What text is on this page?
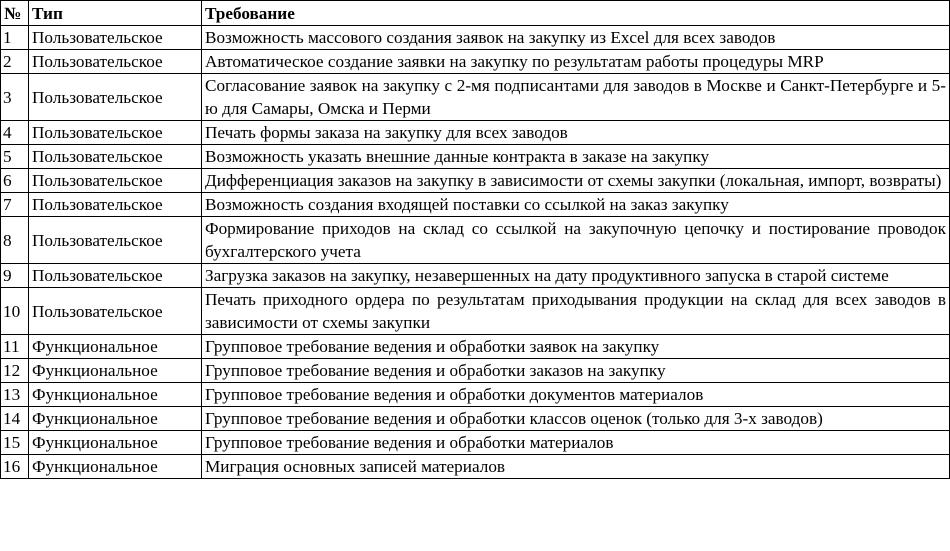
№	Тип	Требование
1	Пользовательское	Возможность массового создания заявок на закупку из Excel для всех заводов
2	Пользовательское	Автоматическое создание заявки на закупку по результатам работы процедуры MRP
3	Пользовательское	Согласование заявок на закупку с 2-мя подписантами для заводов в Москве и Санкт-Петербурге и 5-ю для Самары, Омска и Перми
4	Пользовательское	Печать формы заказа на закупку для всех заводов
5	Пользовательское	Возможность указать внешние данные контракта в заказе на закупку
6	Пользовательское	Дифференциация заказов на закупку в зависимости от схемы закупки (локальная, импорт, возвраты)
7	Пользовательское	Возможность создания входящей поставки со ссылкой на заказ закупку
8	Пользовательское	Формирование приходов на склад со ссылкой на закупочную цепочку и постирование проводок бухгалтерского учета
9	Пользовательское	Загрузка заказов на закупку, незавершенных на дату продуктивного запуска в старой системе
10	Пользовательское	Печать приходного ордера по результатам приходывания продукции на склад для всех заводов в зависимости от схемы закупки
11	Функциональное	Групповое требование ведения и обработки заявок на закупку
12	Функциональное	Групповое требование ведения и обработки заказов на закупку
13	Функциональное	Групповое требование ведения и обработки документов материалов
14	Функциональное	Групповое требование ведения и обработки классов оценок (только для 3-х заводов)
15	Функциональное	Групповое требование ведения и обработки материалов
16	Функциональное	Миграция основных записей материалов
